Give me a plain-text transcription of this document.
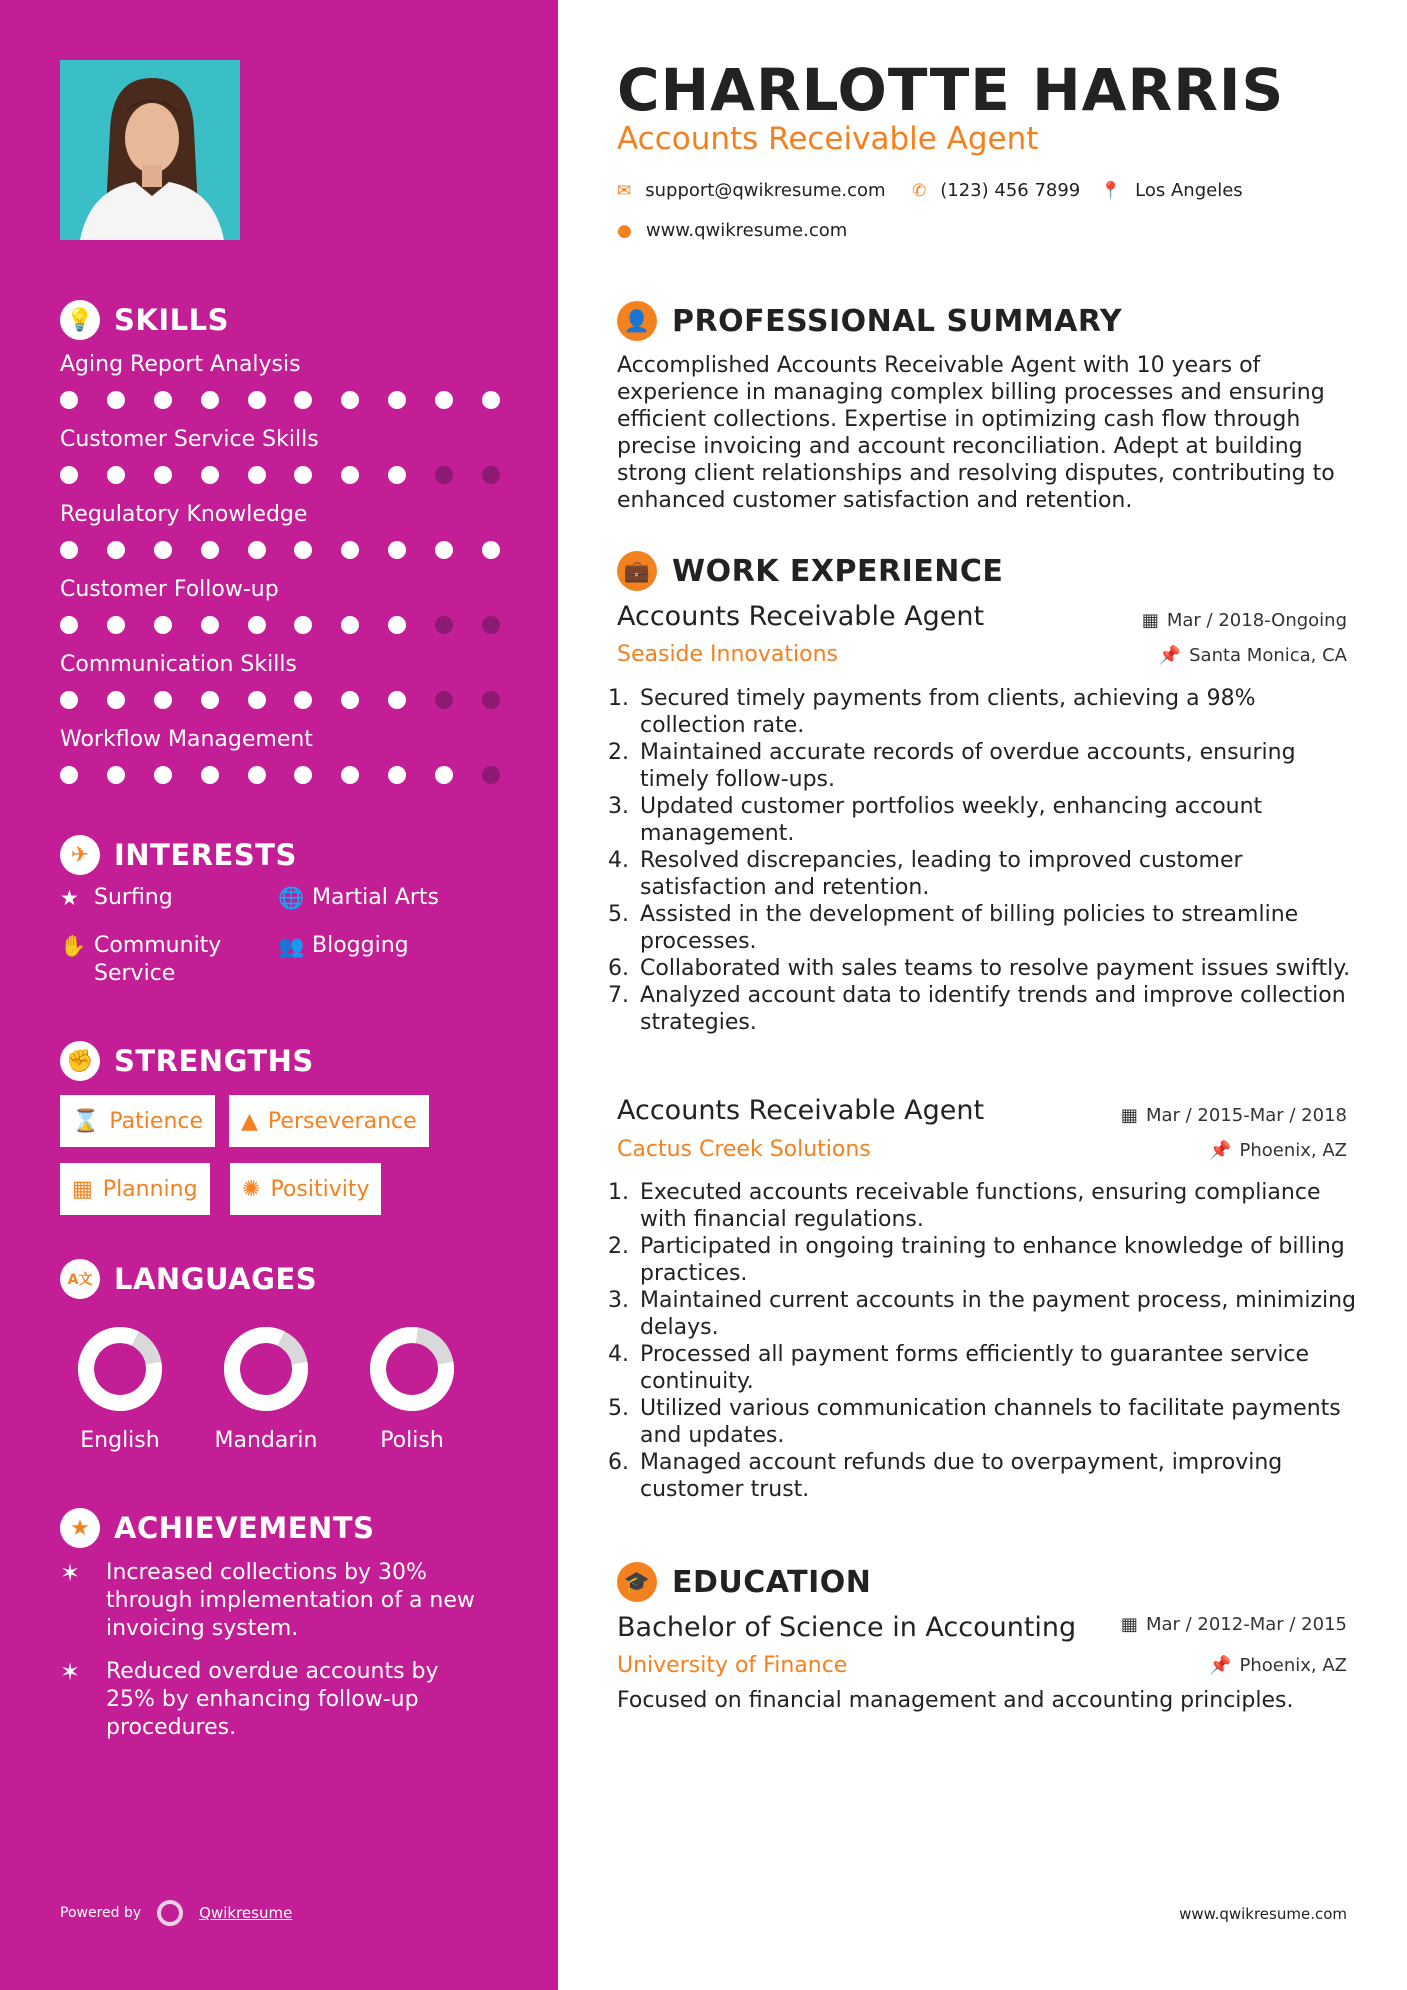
💡 SKILLS
Aging Report Analysis
Customer Service Skills
Regulatory Knowledge
Customer Follow-up
Communication Skills
Workflow Management
✈ INTERESTS
★ Surfing	🌐 Martial Arts
✋ Community Service
👥 Blogging
✊ STRENGTHS
⌛ Patience ▲ Perseverance
▦ Planning ✺ Positivity
A文 LANGUAGES
English	Mandarin	Polish
★ ACHIEVEMENTS
✶	Increased collections by 30% through implementation of a new invoicing system.
✶	Reduced overdue accounts by 25% by enhancing follow-up procedures.
Powered by	Qwikresume
CHARLOTTE HARRIS
Accounts Receivable Agent
✉ support@qwikresume.com ✆ (123) 456 7899 📍 Los Angeles
● www.qwikresume.com
👤 PROFESSIONAL SUMMARY
Accomplished Accounts Receivable Agent with 10 years of experience in managing complex billing processes and ensuring efficient collections. Expertise in optimizing cash flow through precise invoicing and account reconciliation. Adept at building strong client relationships and resolving disputes, contributing to enhanced customer satisfaction and retention.
💼 WORK EXPERIENCE
Accounts Receivable Agent	▦ Mar / 2018-Ongoing
Seaside Innovations	📌 Santa Monica, CA
1. Secured timely payments from clients, achieving a 98% collection rate.
2. Maintained accurate records of overdue accounts, ensuring timely follow-ups.
3. Updated customer portfolios weekly, enhancing account management.
4. Resolved discrepancies, leading to improved customer satisfaction and retention.
5. Assisted in the development of billing policies to streamline processes.
6. Collaborated with sales teams to resolve payment issues swiftly.
7. Analyzed account data to identify trends and improve collection strategies.
Accounts Receivable Agent	▦ Mar / 2015-Mar / 2018
Cactus Creek Solutions	📌 Phoenix, AZ
1. Executed accounts receivable functions, ensuring compliance with financial regulations.
2. Participated in ongoing training to enhance knowledge of billing practices.
3. Maintained current accounts in the payment process, minimizing delays.
4. Processed all payment forms efficiently to guarantee service continuity.
5. Utilized various communication channels to facilitate payments and updates.
6. Managed account refunds due to overpayment, improving customer trust.
🎓 EDUCATION
Bachelor of Science in Accounting ▦ Mar / 2012-Mar / 2015
University of Finance	📌 Phoenix, AZ
Focused on financial management and accounting principles.
www.qwikresume.com
